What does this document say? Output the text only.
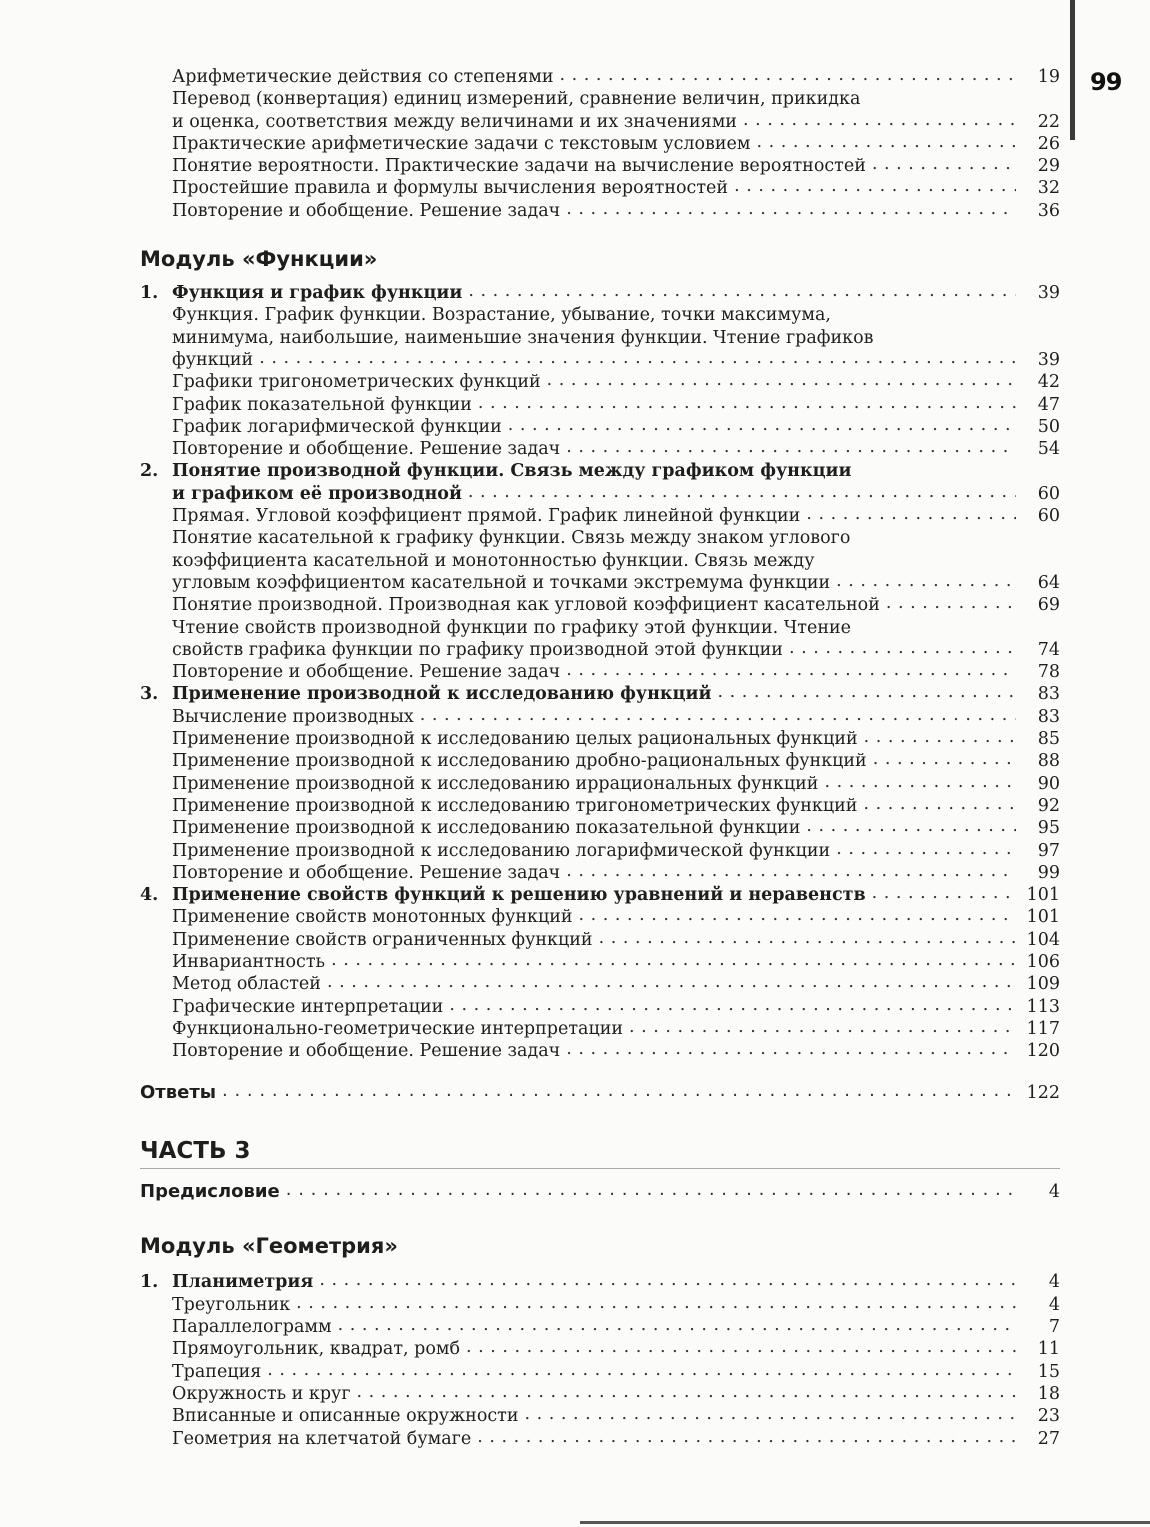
99
Арифметические действия со степенями . . .	19
Перевод (конвертация) единиц измерений, сравнение величин, прикидка
и оценка, соответствия между величинами и их значениями . . .	22
Практические арифметические задачи с текстовым условием . . .	26
Понятие вероятности. Практические задачи на вычисление вероятностей . . .	29
Простейшие правила и формулы вычисления вероятностей . . .	32
Повторение и обобщение. Решение задач . . .	36
Модуль «Функции»
1. Функция и график функции . . .	39
Функция. График функции. Возрастание, убывание, точки максимума,
минимума, наибольшие, наименьшие значения функции. Чтение графиков
функций . . .	39
Графики тригонометрических функций . . .	42
График показательной функции . . .	47
График логарифмической функции . . .	50
Повторение и обобщение. Решение задач . . .	54
2. Понятие производной функции. Связь между графиком функции
и графиком её производной . . .	60
Прямая. Угловой коэффициент прямой. График линейной функции . . .	60
Понятие касательной к графику функции. Связь между знаком углового
коэффициента касательной и монотонностью функции. Связь между
угловым коэффициентом касательной и точками экстремума функции . . .	64
Понятие производной. Производная как угловой коэффициент касательной . . .	69
Чтение свойств производной функции по графику этой функции. Чтение
свойств графика функции по графику производной этой функции . . .	74
Повторение и обобщение. Решение задач . . .	78
3. Применение производной к исследованию функций . . .	83
Вычисление производных . . .	83
Применение производной к исследованию целых рациональных функций . . .	85
Применение производной к исследованию дробно-рациональных функций . . .	88
Применение производной к исследованию иррациональных функций . . .	90
Применение производной к исследованию тригонометрических функций . . .	92
Применение производной к исследованию показательной функции . . .	95
Применение производной к исследованию логарифмической функции . . .	97
Повторение и обобщение. Решение задач . . .	99
4. Применение свойств функций к решению уравнений и неравенств . . .	101
Применение свойств монотонных функций . . .	101
Применение свойств ограниченных функций . . .	104
Инвариантность . . .	106
Метод областей . . .	109
Графические интерпретации . . .	113
Функционально-геометрические интерпретации . . .	117
Повторение и обобщение. Решение задач . . .	120
Ответы . . .	122
ЧАСТЬ 3
Предисловие . . .	4
Модуль «Геометрия»
1. Планиметрия . . .	4
Треугольник . . .	4
Параллелограмм . . .	7
Прямоугольник, квадрат, ромб . . .	11
Трапеция . . .	15
Окружность и круг . . .	18
Вписанные и описанные окружности . . .	23
Геометрия на клетчатой бумаге . . .	27
